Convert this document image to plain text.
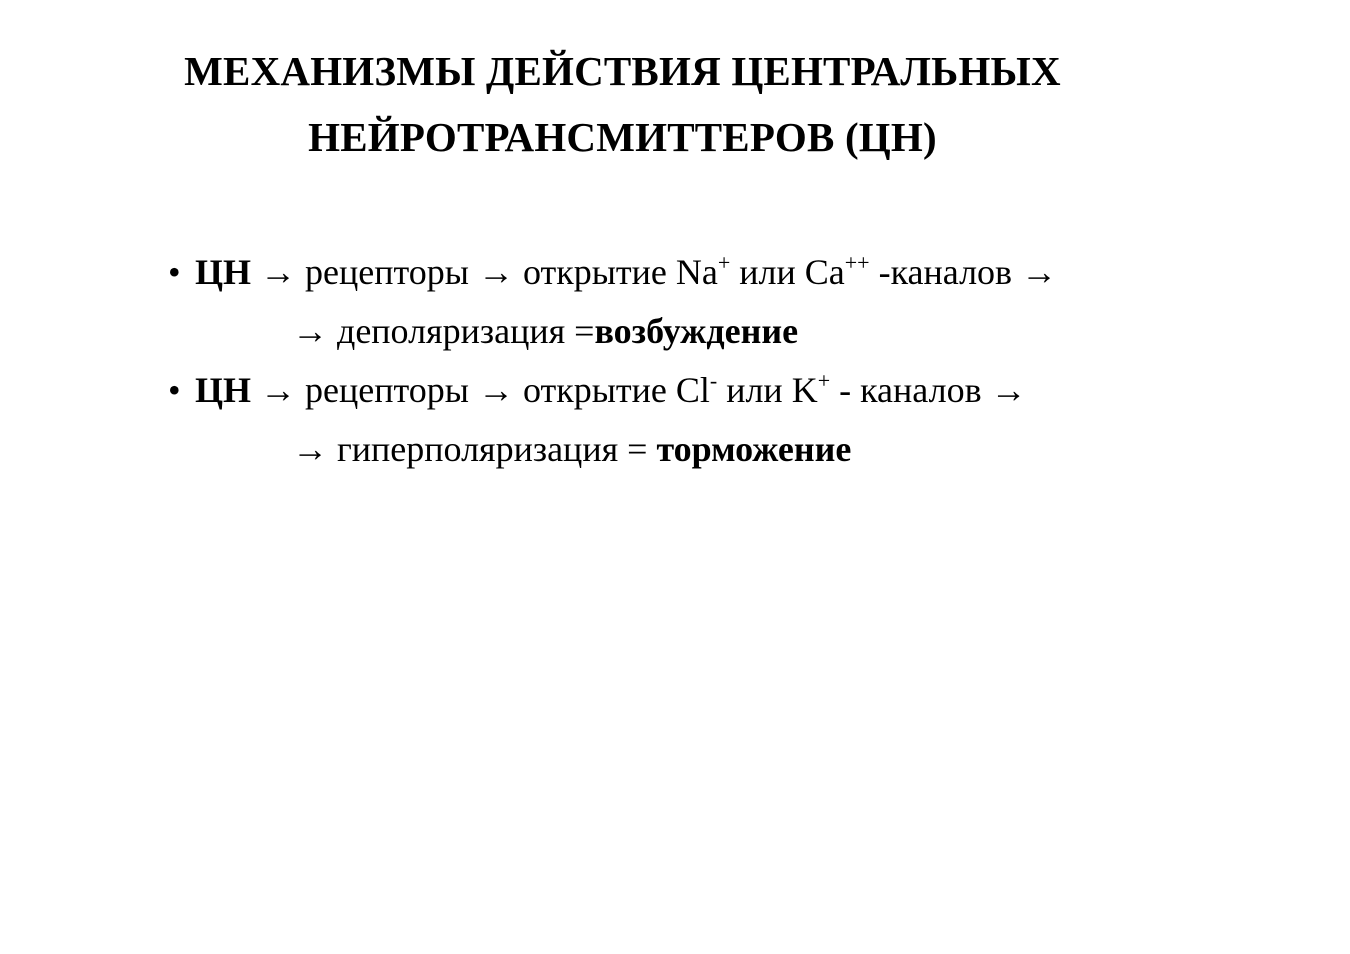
МЕХАНИЗМЫ ДЕЙСТВИЯ ЦЕНТРАЛЬНЫХ
НЕЙРОТРАНСМИТТЕРОВ (ЦН)
• ЦН → рецепторы → открытие Na+ или Ca++ -каналов →
→ деполяризация =возбуждение
• ЦН → рецепторы → открытие Cl- или K+ - каналов →
→ гиперполяризация = торможение
